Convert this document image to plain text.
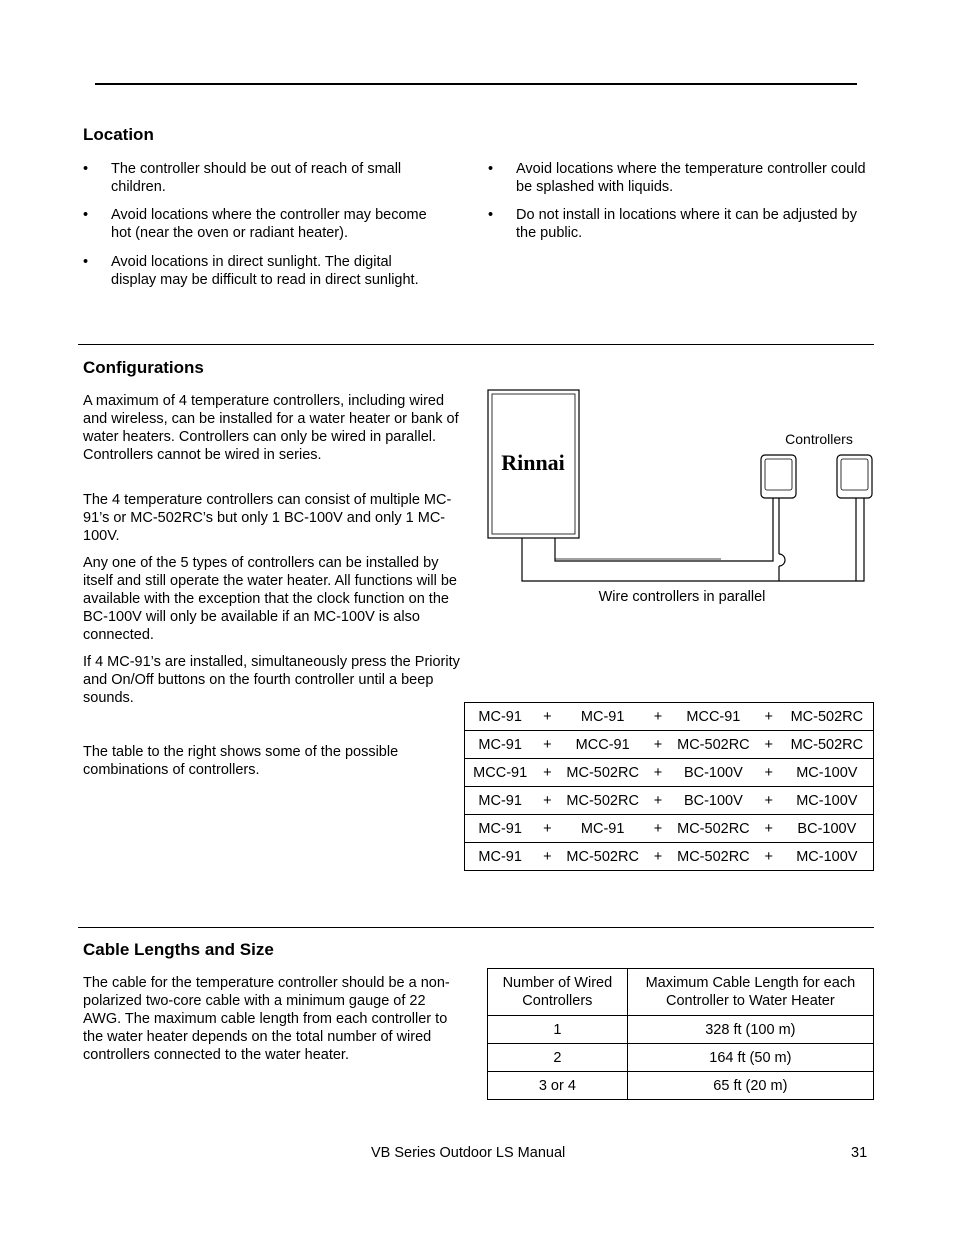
Location
• The controller should be out of reach of small children.
• Avoid locations where the controller may become hot (near the oven or radiant heater).
• Avoid locations in direct sunlight. The digital display may be difficult to read in direct sunlight.
• Avoid locations where the temperature controller could be splashed with liquids.
• Do not install in locations where it can be adjusted by the public.
Configurations
A maximum of 4 temperature controllers, including wired and wireless, can be installed for a water heater or bank of water heaters. Controllers can only be wired in parallel. Controllers cannot be wired in series.
The 4 temperature controllers can consist of multiple MC-91’s or MC-502RC’s but only 1 BC-100V and only 1 MC-100V.
Any one of the 5 types of controllers can be installed by itself and still operate the water heater. All functions will be available with the exception that the clock function on the BC-100V will only be available if an MC-100V is also connected.
If 4 MC-91’s are installed, simultaneously press the Priority and On/Off buttons on the fourth controller until a beep sounds.
The table to the right shows some of the possible combinations of controllers.
Rinnai
Controllers
Wire controllers in parallel
MC-91	+	MC-91	+	MCC-91	+	MC-502RC
MC-91	+	MCC-91	+	MC-502RC	+	MC-502RC
MCC-91	+	MC-502RC	+	BC-100V	+	MC-100V
MC-91	+	MC-502RC	+	BC-100V	+	MC-100V
MC-91	+	MC-91	+	MC-502RC	+	BC-100V
MC-91	+	MC-502RC	+	MC-502RC	+	MC-100V
Cable Lengths and Size
The cable for the temperature controller should be a non-polarized two-core cable with a minimum gauge of 22 AWG. The maximum cable length from each controller to the water heater depends on the total number of wired controllers connected to the water heater.
Number of Wired Controllers	Maximum Cable Length for each Controller to Water Heater
1	328 ft (100 m)
2	164 ft (50 m)
3 or 4	65 ft (20 m)
VB Series Outdoor LS Manual	31
